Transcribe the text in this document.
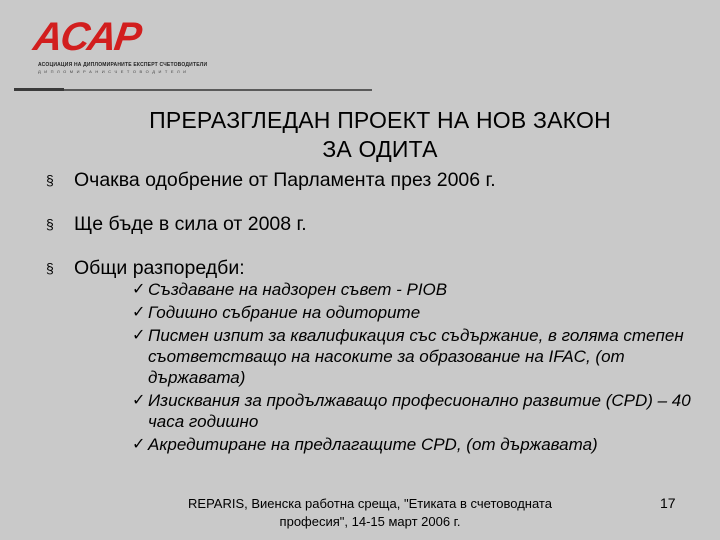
ACAP
АСОЦИАЦИЯ НА ДИПЛОМИРАНИТЕ ЕКСПЕРТ СЧЕТОВОДИТЕЛИ
Д И П Л О М И Р А Н И С Ч Е Т О В О Д И Т Е Л И
ПРЕРАЗГЛЕДАН ПРОЕКТ НА НОВ ЗАКОН
ЗА ОДИТА
§ Очаква одобрение от Парламента през 2006 г.
§ Ще бъде в сила от 2008 г.
§ Общи разпоредби:
✓ Създаване на надзорен съвет - PIOB
✓ Годишно събрание на одиторите
✓ Писмен изпит за квалификация със съдържание, в голяма степен съответстващо на насоките за образование на IFAC, (от държавата)
✓ Изисквания за продължаващо професионално развитие (CPD) – 40 часа годишно
✓ Акредитиране на предлагащите CPD, (от държавата)
REPARIS, Виенска работна среща, "Етиката в счетоводната
професия", 14-15 март 2006 г.
17
